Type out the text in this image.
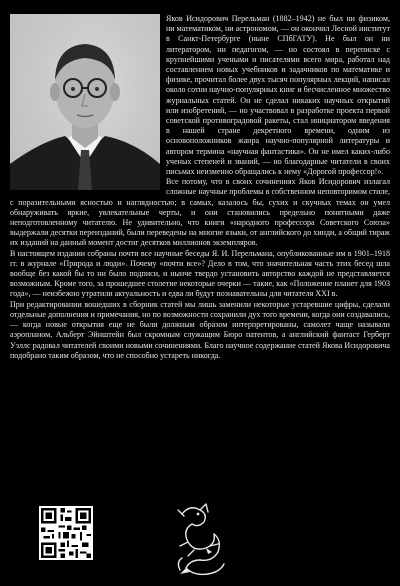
Яков Исидорович Перельман (1882–1942) не был ни физиком, ни математиком, ни астрономом, — он окончил Лесной институт в Санкт-Петербурге (ныне СПбГАТУ). Не был он ни литератором, ни педагогом, — но состоял в переписке с крупнейшими учеными и писателями всего мира, работал над составлением новых учебников и задачников по математике и физике, прочитал более двух тысяч популярных лекций, написал около сотни научно-популярных книг и бесчисленное множество журнальных статей. Он не сделал никаких научных открытий или изобретений, — но участвовал в разработке проекта первой советской противоградовой ракеты, стал инициатором введения в нашей стране декретного времени, одним из основоположников жанра научно-популярной литературы и автором термина «научная фантастика». Он не имел каких-либо ученых степеней и званий, — но благодарные читатели в своих письмах неизменно обращались к нему «Дорогой профессор!».

Все потому, что в своих сочинениях Яков Исидорович излагал сложные научные проблемы в собственном неповторимом стиле, с поразительными ясностью и наглядностью; в самых, казалось бы, сухих и скучных темах он умел обнаруживать яркие, увлекательные черты, и они становились предельно понятными даже неподготовленному читателю. Не удивительно, что книги «народного профессора Советского Союза» выдержали десятки переизданий, были переведены на многие языки, от английского до хинди, а общий тираж их изданий на данный момент достиг десятков миллионов экземпляров.

В настоящем издании собраны почти все научные беседы Я. И. Перельмана, опубликованные им в 1901–1918 гг. в журнале «Природа и люди». Почему «почти все»? Дело в том, что значительная часть этих бесед шла вообще без какой бы то ни было подписи, и нынче твердо установить авторство каждой не представляется возможным. Кроме того, за прошедшее столетие некоторые очерки — такие, как «Положение планет для 1903 года», — неизбежно утратили актуальность и едва ли будут познавательны для читателя XXI в.

При редактировании вошедших в сборник статей мы лишь заменили некоторые устаревшие цифры, сделали отдельные дополнения и примечания, но по возможности сохранили дух того времени, когда они создавались, — когда новые открытия еще не были должным образом интерпретированы, самолет чаще называли аэропланом, Альберт Эйнштейн был скромным служащим Бюро патентов, а английский фантаст Герберт Уэллс радовал читателей своими новыми сочинениями. Благо научное содержание статей Якова Исидоровича подобрано таким образом, что не способно устареть никогда.
